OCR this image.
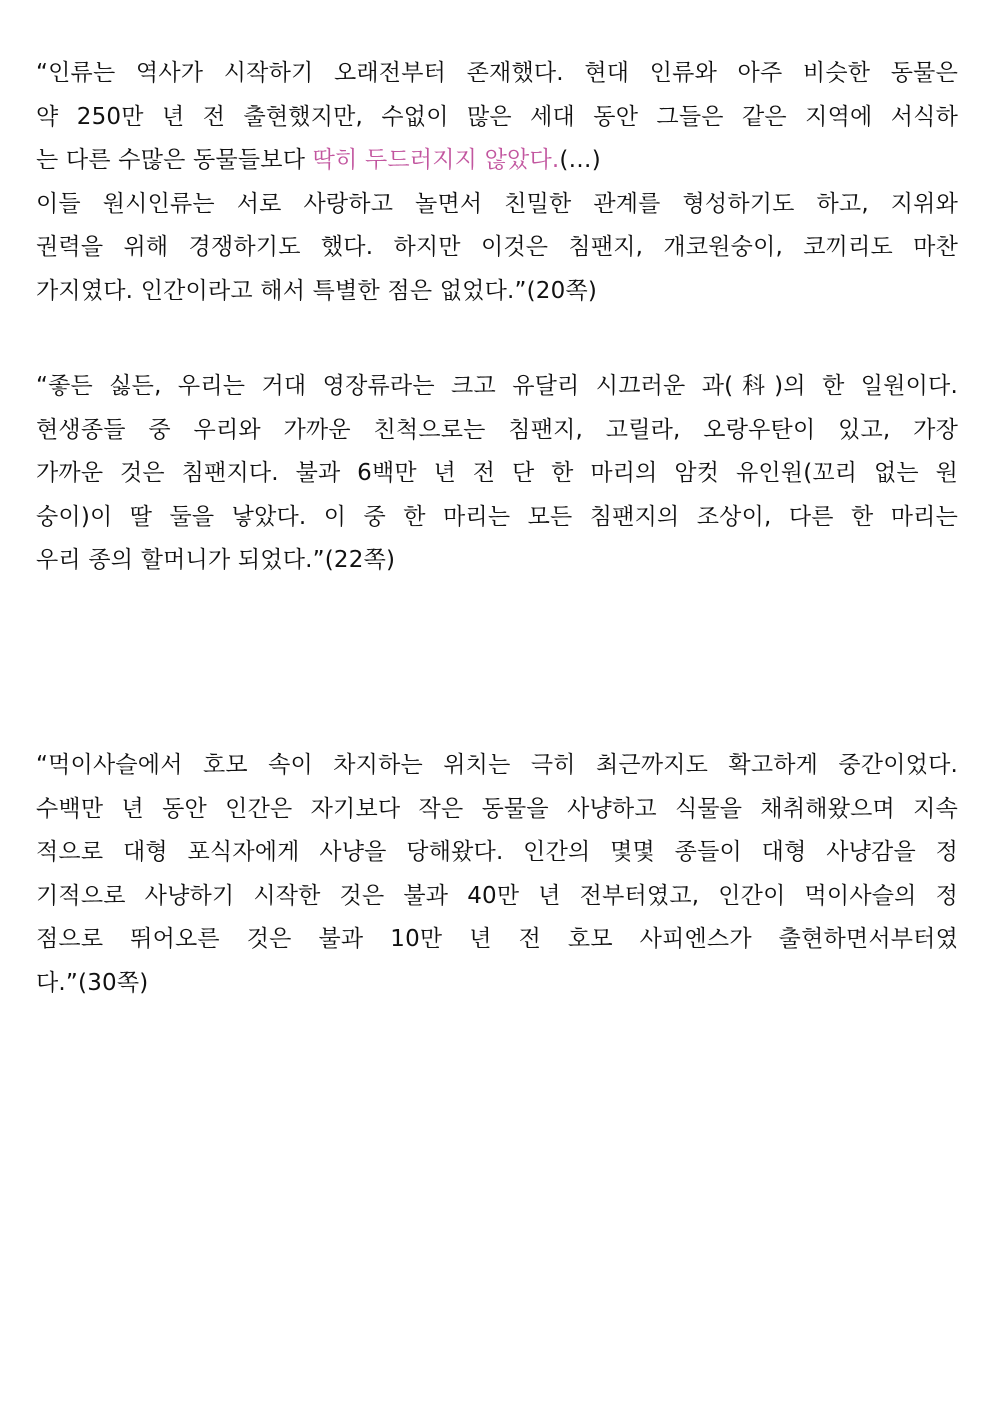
“인류는 역사가 시작하기 오래전부터 존재했다. 현대 인류와 아주 비슷한 동물은
약 250만 년 전 출현했지만, 수없이 많은 세대 동안 그들은 같은 지역에 서식하
는 다른 수많은 동물들보다 딱히 두드러지지 않았다.(…)
이들 원시인류는 서로 사랑하고 놀면서 친밀한 관계를 형성하기도 하고, 지위와
권력을 위해 경쟁하기도 했다. 하지만 이것은 침팬지, 개코원숭이, 코끼리도 마찬
가지였다. 인간이라고 해서 특별한 점은 없었다.”(20쪽)

“좋든 싫든, 우리는 거대 영장류라는 크고 유달리 시끄러운 과(科)의 한 일원이다.
현생종들 중 우리와 가까운 친척으로는 침팬지, 고릴라, 오랑우탄이 있고, 가장
가까운 것은 침팬지다. 불과 6백만 년 전 단 한 마리의 암컷 유인원(꼬리 없는 원
숭이)이 딸 둘을 낳았다. 이 중 한 마리는 모든 침팬지의 조상이, 다른 한 마리는
우리 종의 할머니가 되었다.”(22쪽)

“먹이사슬에서 호모 속이 차지하는 위치는 극히 최근까지도 확고하게 중간이었다.
수백만 년 동안 인간은 자기보다 작은 동물을 사냥하고 식물을 채취해왔으며 지속
적으로 대형 포식자에게 사냥을 당해왔다. 인간의 몇몇 종들이 대형 사냥감을 정
기적으로 사냥하기 시작한 것은 불과 40만 년 전부터였고, 인간이 먹이사슬의 정
점으로 뛰어오른 것은 불과 10만 년 전 호모 사피엔스가 출현하면서부터였
다.”(30쪽)
